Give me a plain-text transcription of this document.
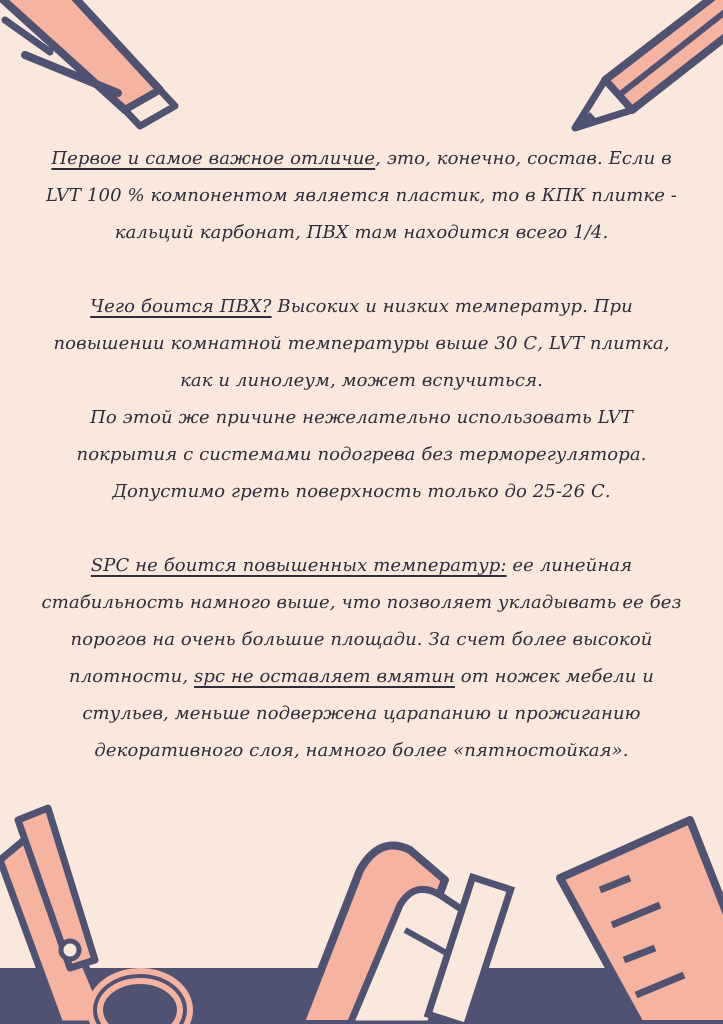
Первое и самое важное отличие, это, конечно, состав. Если в LVT 100 % компонентом является пластик, то в КПК плитке - кальций карбонат, ПВХ там находится всего 1/4.

Чего боится ПВХ? Высоких и низких температур. При повышении комнатной температуры выше 30 С, LVT плитка, как и линолеум, может вспучиться.

По этой же причине нежелательно использовать LVT покрытия с системами подогрева без терморегулятора. Допустимо греть поверхность только до 25-26 С.

SPC не боится повышенных температур: ее линейная стабильность намного выше, что позволяет укладывать ее без порогов на очень большие площади. За счет более высокой плотности, spc не оставляет вмятин от ножек мебели и стульев, меньше подвержена царапанию и прожиганию декоративного слоя, намного более «пятностойкая».
